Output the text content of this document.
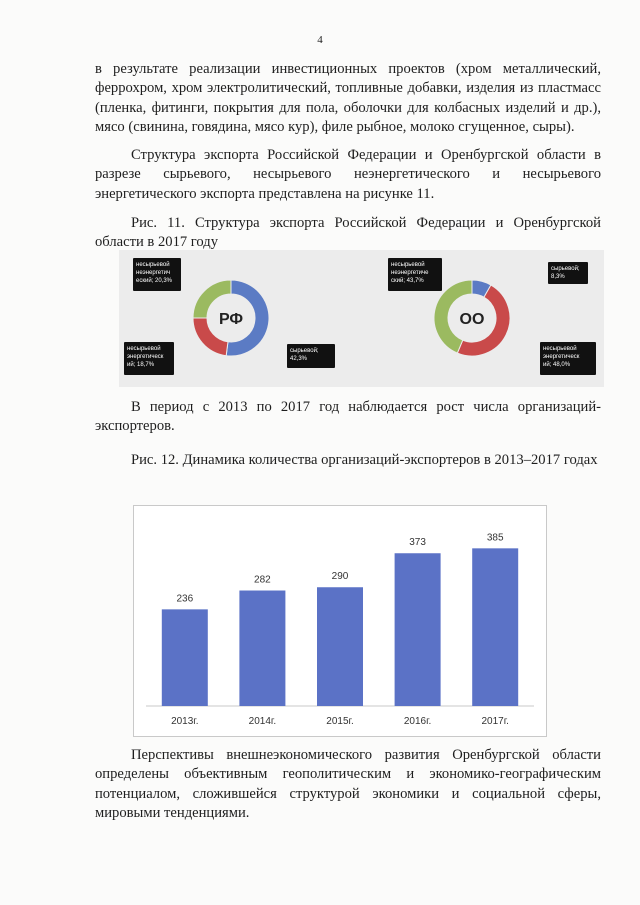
4

в результате реализации инвестиционных проектов (хром металлический, феррохром, хром электролитический, топливные добавки, изделия из пластмасс (пленка, фитинги, покрытия для пола, оболочки для колбасных изделий и др.), мясо (свинина, говядина, мясо кур), филе рыбное, молоко сгущенное, сыры).

Структура экспорта Российской Федерации и Оренбургской области в разрезе сырьевого, несырьевого неэнергетического и несырьевого энергетического экспорта представлена на рисунке 11.

Рис. 11. Структура экспорта Российской Федерации и Оренбургской области в 2017 году

РФ
сырьевой;
42,3%
несырьевой
энергетическ
ий; 18,7%
несырьевой
неэнергетич
еский; 20,3%
ОО
сырьевой;
8,3%
несырьевой
энергетическ
ий; 48,0%
несырьевой
неэнергетиче
ский; 43,7%

В период с 2013 по 2017 год наблюдается рост числа организаций-экспортеров.

Рис. 12. Динамика количества организаций-экспортеров в 2013–2017 годах

236
2013г.
282
2014г.
290
2015г.
373
2016г.
385
2017г.

Перспективы внешнеэкономического развития Оренбургской области определены объективным геополитическим и экономико-географическим потенциалом, сложившейся структурой экономики и социальной сферы, мировыми тенденциями.
